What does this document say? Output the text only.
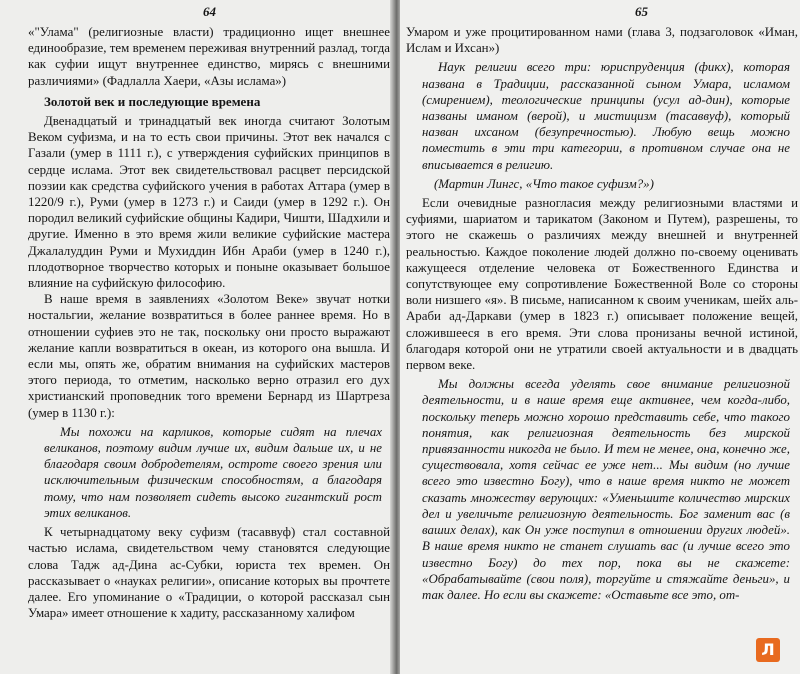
64

«"Улама" (религиозные власти) традиционно ищет внешнее единообразие, тем временем переживая внутренний разлад, тогда как суфии ищут внутреннее единство, мирясь с внешними различиями» (Фадлалла Хаери, «Азы ислама»)

Золотой век и последующие времена

Двенадцатый и тринадцатый век иногда считают Золотым Веком суфизма, и на то есть свои причины. Этот век начался с Газали (умер в 1111 г.), с утверждения суфийских принципов в сердце ислама. Этот век свидетельствовал расцвет персидской поэзии как средства суфийского учения в работах Аттара (умер в 1220/9 г.), Руми (умер в 1273 г.) и Саиди (умер в 1292 г.). Он породил великий суфийские общины Кадири, Чишти, Шадхили и другие. Именно в это время жили великие суфийские мастера Джалалуддин Руми и Мухиддин Ибн Араби (умер в 1240 г.), плодотворное творчество которых и поныне оказывает большое влияние на суфийскую философию.

В наше время в заявлениях «Золотом Веке» звучат нотки ностальгии, желание возвратиться в более раннее время. Но в отношении суфиев это не так, поскольку они просто выражают желание капли возвратиться в океан, из которого она вышла. И если мы, опять же, обратим внимания на суфийских мастеров этого периода, то отметим, насколько верно отразил его дух христианский проповедник того времени Бернард из Шартреза (умер в 1130 г.):

Мы похожи на карликов, которые сидят на плечах великанов, поэтому видим лучше их, видим дальше их, и не благодаря своим добродетелям, остроте своего зрения или исключительным физическим способностям, а благодаря тому, что нам позволяет сидеть высоко гигантский рост этих великанов.

К четырнадцатому веку суфизм (тасаввуф) стал составной частью ислама, свидетельством чему становятся следующие слова Тадж ад-Дина ас-Субки, юриста тех времен. Он рассказывает о «науках религии», описание которых вы прочтете далее. Его упоминание о «Традиции, о которой рассказал сын Умара» имеет отношение к хадиту, рассказанному халифом

65

Умаром и уже процитированном нами (глава 3, подзаголовок «Иман, Ислам и Ихсан»)

Наук религии всего три: юриспруденция (фикх), которая названа в Традиции, рассказанной сыном Умара, исламом (смирением), теологические принципы (усул ад-дин), которые названы иманом (верой), и мистицизм (тасаввуф), который назван ихсаном (безупречностью). Любую вещь можно поместить в эти три категории, в противном случае она не вписывается в религию.

(Мартин Лингс, «Что такое суфизм?»)

Если очевидные разногласия между религиозными властями и суфиями, шариатом и тарикатом (Законом и Путем), разрешены, то этого не скажешь о различиях между внешней и внутренней реальностью. Каждое поколение людей должно по-своему оценивать кажущееся отделение человека от Божественного Единства и сопутствующее ему сопротивление Божественной Воле со стороны воли низшего «я». В письме, написанном к своим ученикам, шейх аль-Араби ад-Даркави (умер в 1823 г.) описывает положение вещей, сложившееся в его время. Эти слова пронизаны вечной истиной, благодаря которой они не утратили своей актуальности и в двадцать первом веке.

Мы должны всегда уделять свое внимание религиозной деятельности, и в наше время еще активнее, чем когда-либо, поскольку теперь можно хорошо представить себе, что такого понятия, как религиозная деятельность без мирской привязанности никогда не было. И тем не менее, она, конечно же, существовала, хотя сейчас ее уже нет... Мы видим (но лучше всего это известно Богу), что в наше время никто не может сказать множеству верующих: «Уменьшите количество мирских дел и увеличьте религиозную деятельность. Бог заменит вас (в ваших делах), как Он уже поступил в отношении других людей». В наше время никто не станет слушать вас (и лучше всего это известно Богу) до тех пор, пока вы не скажете: «Обрабатывайте (свои поля), торгуйте и стяжайте деньги», и так далее. Но если вы скажете: «Оставьте все это, от-

Л
